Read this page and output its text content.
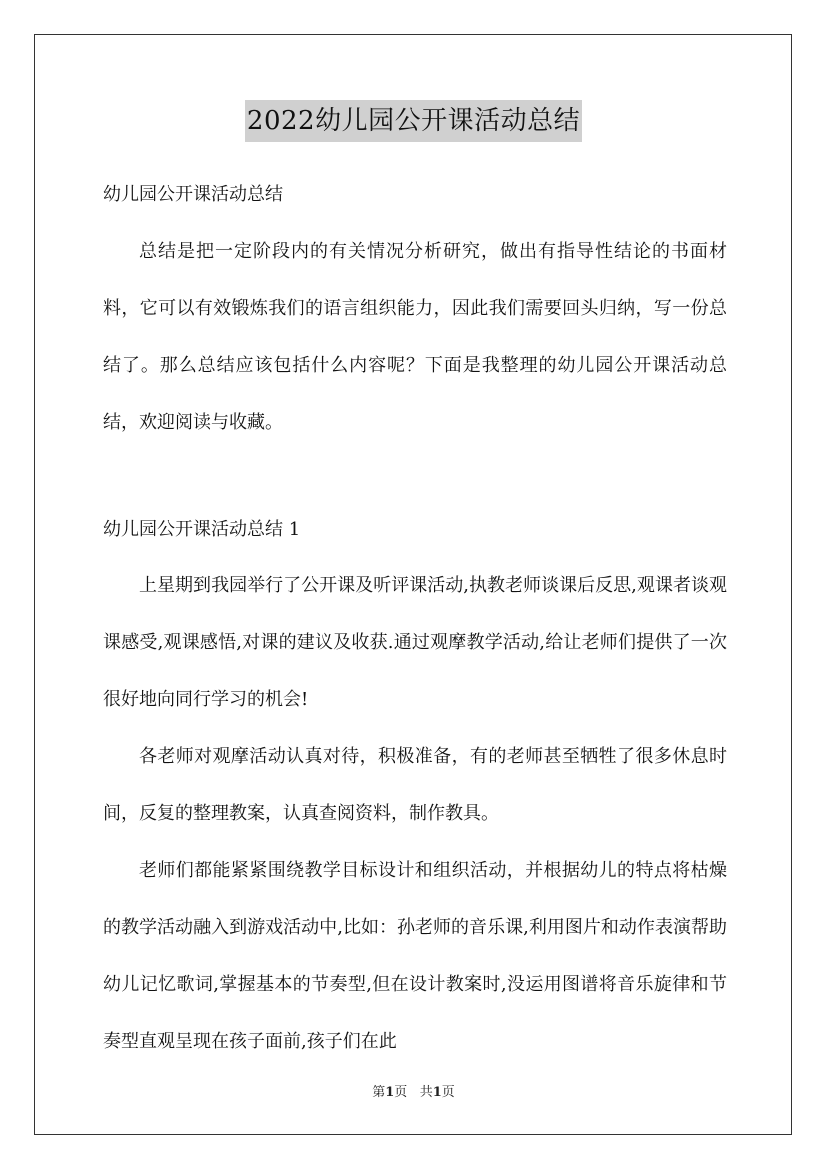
2022幼儿园公开课活动总结
幼儿园公开课活动总结

总结是把一定阶段内的有关情况分析研究，做出有指导性结论的书面材料，它可以有效锻炼我们的语言组织能力，因此我们需要回头归纳，写一份总结了。那么总结应该包括什么内容呢？下面是我整理的幼儿园公开课活动总结，欢迎阅读与收藏。

幼儿园公开课活动总结 1

上星期到我园举行了公开课及听评课活动,执教老师谈课后反思,观课者谈观课感受,观课感悟,对课的建议及收获.通过观摩教学活动,给让老师们提供了一次很好地向同行学习的机会!

各老师对观摩活动认真对待，积极准备，有的老师甚至牺牲了很多休息时间，反复的整理教案，认真查阅资料，制作教具。

老师们都能紧紧围绕教学目标设计和组织活动，并根据幼儿的特点将枯燥的教学活动融入到游戏活动中,比如：孙老师的音乐课,利用图片和动作表演帮助幼儿记忆歌词,掌握基本的节奏型,但在设计教案时,没运用图谱将音乐旋律和节奏型直观呈现在孩子面前,孩子们在此

第1页 共1页
